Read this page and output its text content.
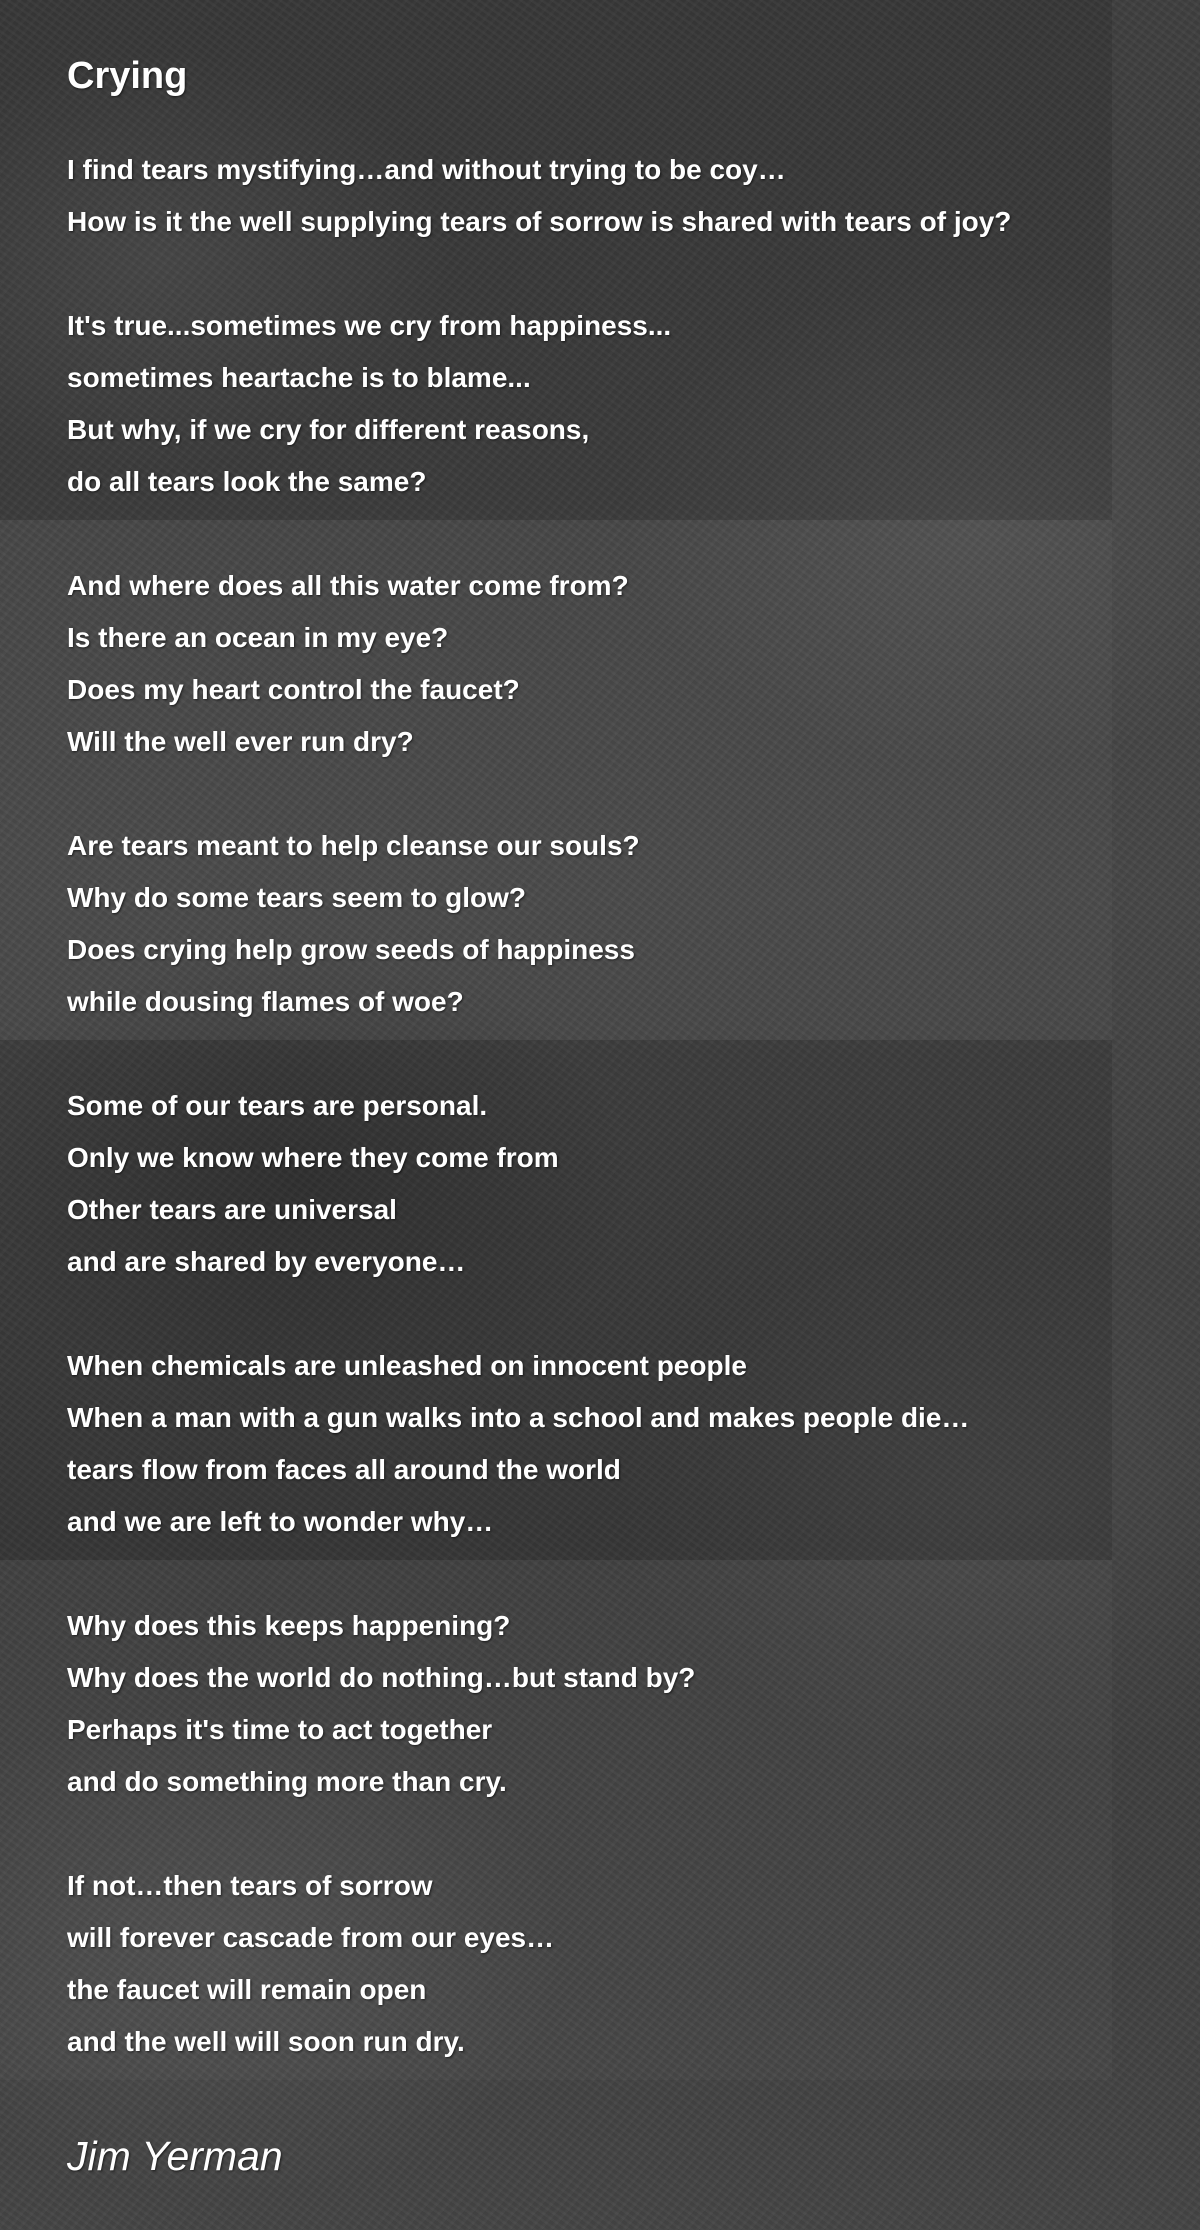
Crying

I find tears mystifying…and without trying to be coy…
How is it the well supplying tears of sorrow is shared with tears of joy?

It's true...sometimes we cry from happiness...
sometimes heartache is to blame...
But why, if we cry for different reasons,
do all tears look the same?

And where does all this water come from?
Is there an ocean in my eye?
Does my heart control the faucet?
Will the well ever run dry?

Are tears meant to help cleanse our souls?
Why do some tears seem to glow?
Does crying help grow seeds of happiness
while dousing flames of woe?

Some of our tears are personal.
Only we know where they come from
Other tears are universal
and are shared by everyone…

When chemicals are unleashed on innocent people
When a man with a gun walks into a school and makes people die…
tears flow from faces all around the world
and we are left to wonder why…

Why does this keeps happening?
Why does the world do nothing…but stand by?
Perhaps it's time to act together
and do something more than cry.

If not…then tears of sorrow
will forever cascade from our eyes…
the faucet will remain open
and the well will soon run dry.

Jim Yerman
